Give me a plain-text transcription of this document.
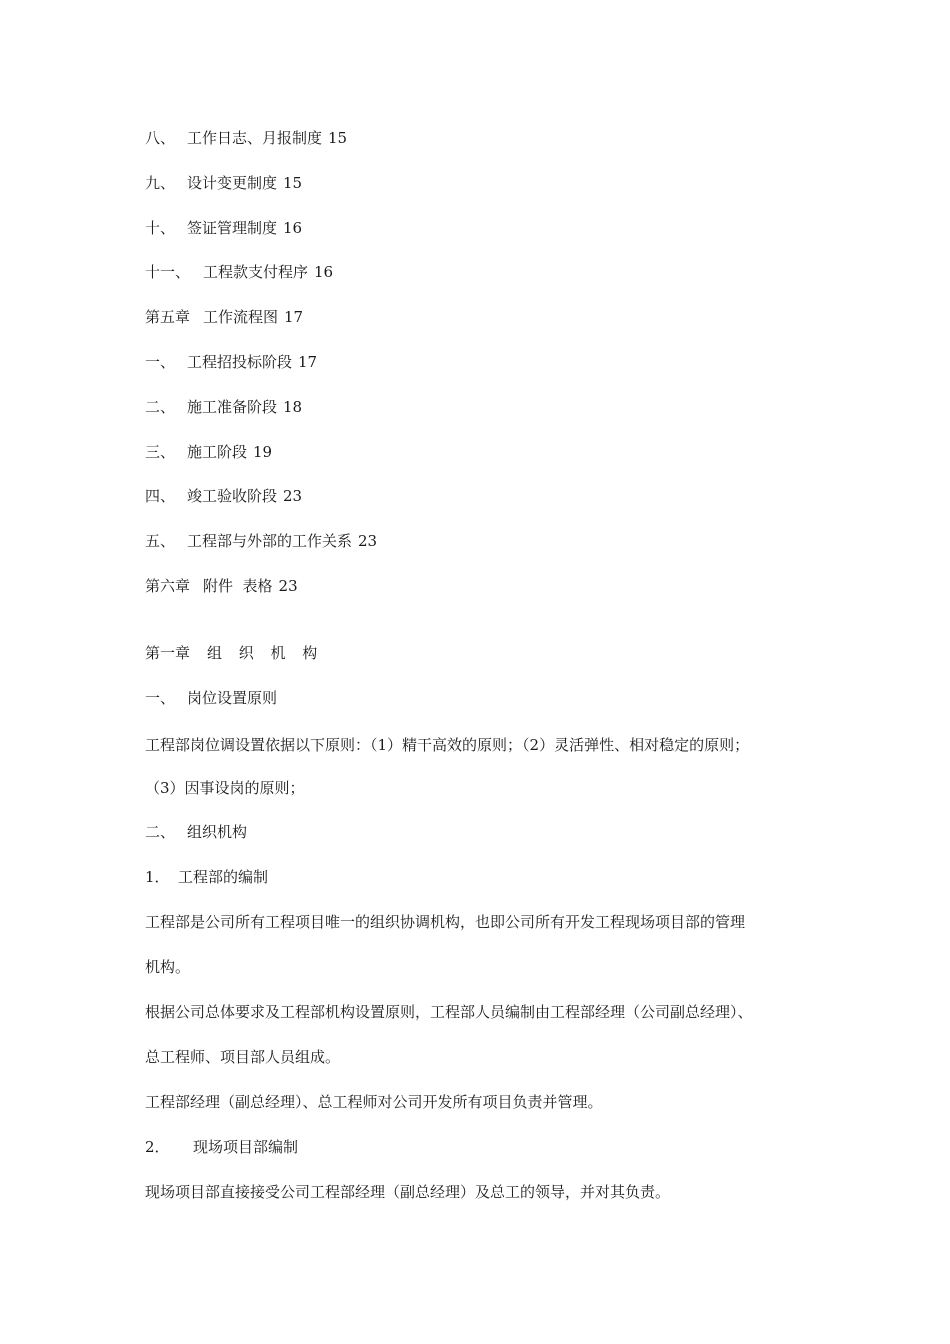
八、 工作日志、月报制度 15
九、 设计变更制度 15
十、 签证管理制度 16
十一、 工程款支付程序 16
第五章 工作流程图 17
一、 工程招投标阶段 17
二、 施工准备阶段 18
三、 施工阶段 19
四、 竣工验收阶段 23
五、 工程部与外部的工作关系 23
第六章 附件  表格 23
第一章 组 织 机 构
一、 岗位设置原则
工程部岗位调设置依据以下原则：（1）精干高效的原则；（2）灵活弹性、相对稳定的原则；
（3）因事设岗的原则；
二、 组织机构
1． 工程部的编制
工程部是公司所有工程项目唯一的组织协调机构，也即公司所有开发工程现场项目部的管理
机构。
根据公司总体要求及工程部机构设置原则，工程部人员编制由工程部经理（公司副总经理）、
总工程师、项目部人员组成。
工程部经理（副总经理）、总工程师对公司开发所有项目负责并管理。
2． 现场项目部编制
现场项目部直接接受公司工程部经理（副总经理）及总工的领导，并对其负责。
